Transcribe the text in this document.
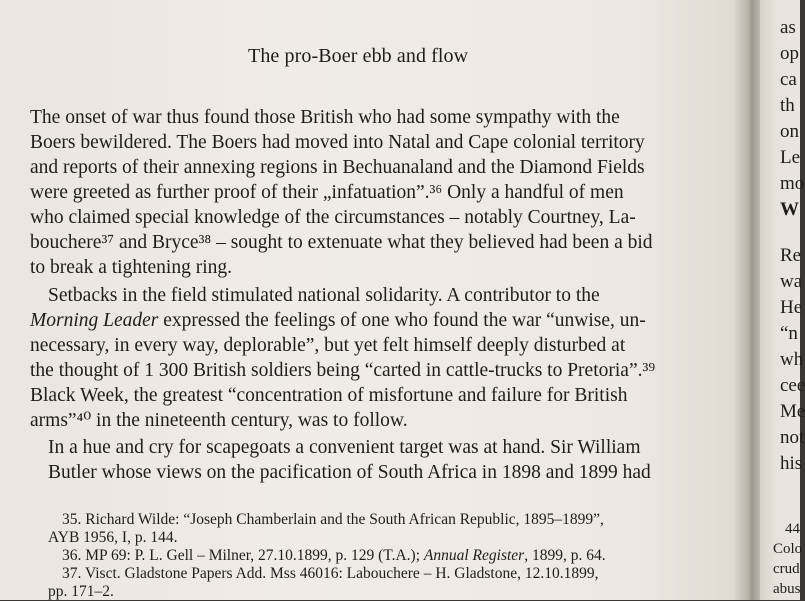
The pro-Boer ebb and flow
The onset of war thus found those British who had some sympathy with the
Boers bewildered. The Boers had moved into Natal and Cape colonial territory
and reports of their annexing regions in Bechuanaland and the Diamond Fields
were greeted as further proof of their „infatuation”.³⁶ Only a handful of men
who claimed special knowledge of the circumstances – notably Courtney, La-
bouchere³⁷ and Bryce³⁸ – sought to extenuate what they believed had been a bid
to break a tightening ring.
Setbacks in the field stimulated national solidarity. A contributor to the
Morning Leader expressed the feelings of one who found the war “unwise, un-
necessary, in every way, deplorable”, but yet felt himself deeply disturbed at
the thought of 1 300 British soldiers being “carted in cattle-trucks to Pretoria”.³⁹
Black Week, the greatest “concentration of misfortune and failure for British
arms”⁴⁰ in the nineteenth century, was to follow.
In a hue and cry for scapegoats a convenient target was at hand. Sir William
Butler whose views on the pacification of South Africa in 1898 and 1899 had
35. Richard Wilde: “Joseph Chamberlain and the South African Republic, 1895–1899”,
AYB 1956, I, p. 144.
36. MP 69: P. L. Gell – Milner, 27.10.1899, p. 129 (T.A.); Annual Register, 1899, p. 64.
37. Visct. Gladstone Papers Add. Mss 46016: Labouchere – H. Gladstone, 12.10.1899,
pp. 171–2.
as
op
ca
th
on
Le
mo
W
Re
wa
He
“n
wh
cee
Me
not
his
44
Colo
crud
abus
